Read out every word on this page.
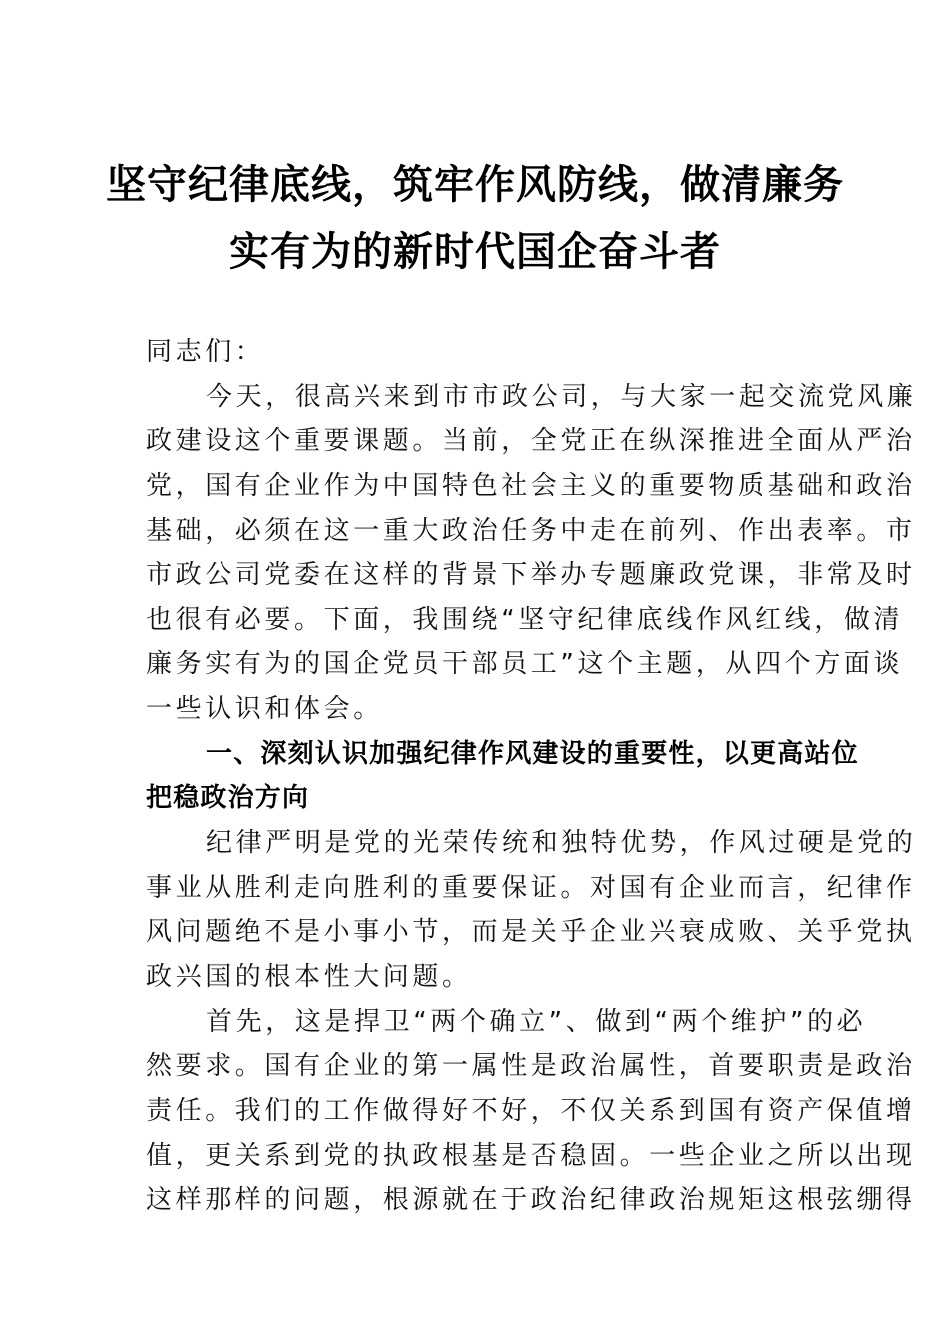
坚守纪律底线，筑牢作风防线，做清廉务
实有为的新时代国企奋斗者
同志们：
今天，很高兴来到市市政公司，与大家一起交流党风廉
政建设这个重要课题。当前，全党正在纵深推进全面从严治
党，国有企业作为中国特色社会主义的重要物质基础和政治
基础，必须在这一重大政治任务中走在前列、作出表率。市
市政公司党委在这样的背景下举办专题廉政党课，非常及时
也很有必要。下面，我围绕“坚守纪律底线作风红线，做清
廉务实有为的国企党员干部员工”这个主题，从四个方面谈
一些认识和体会。
一、深刻认识加强纪律作风建设的重要性，以更高站位
把稳政治方向
纪律严明是党的光荣传统和独特优势，作风过硬是党的
事业从胜利走向胜利的重要保证。对国有企业而言，纪律作
风问题绝不是小事小节，而是关乎企业兴衰成败、关乎党执
政兴国的根本性大问题。
首先，这是捍卫“两个确立”、做到“两个维护”的必
然要求。国有企业的第一属性是政治属性，首要职责是政治
责任。我们的工作做得好不好，不仅关系到国有资产保值增
值，更关系到党的执政根基是否稳固。一些企业之所以出现
这样那样的问题，根源就在于政治纪律政治规矩这根弦绷得
